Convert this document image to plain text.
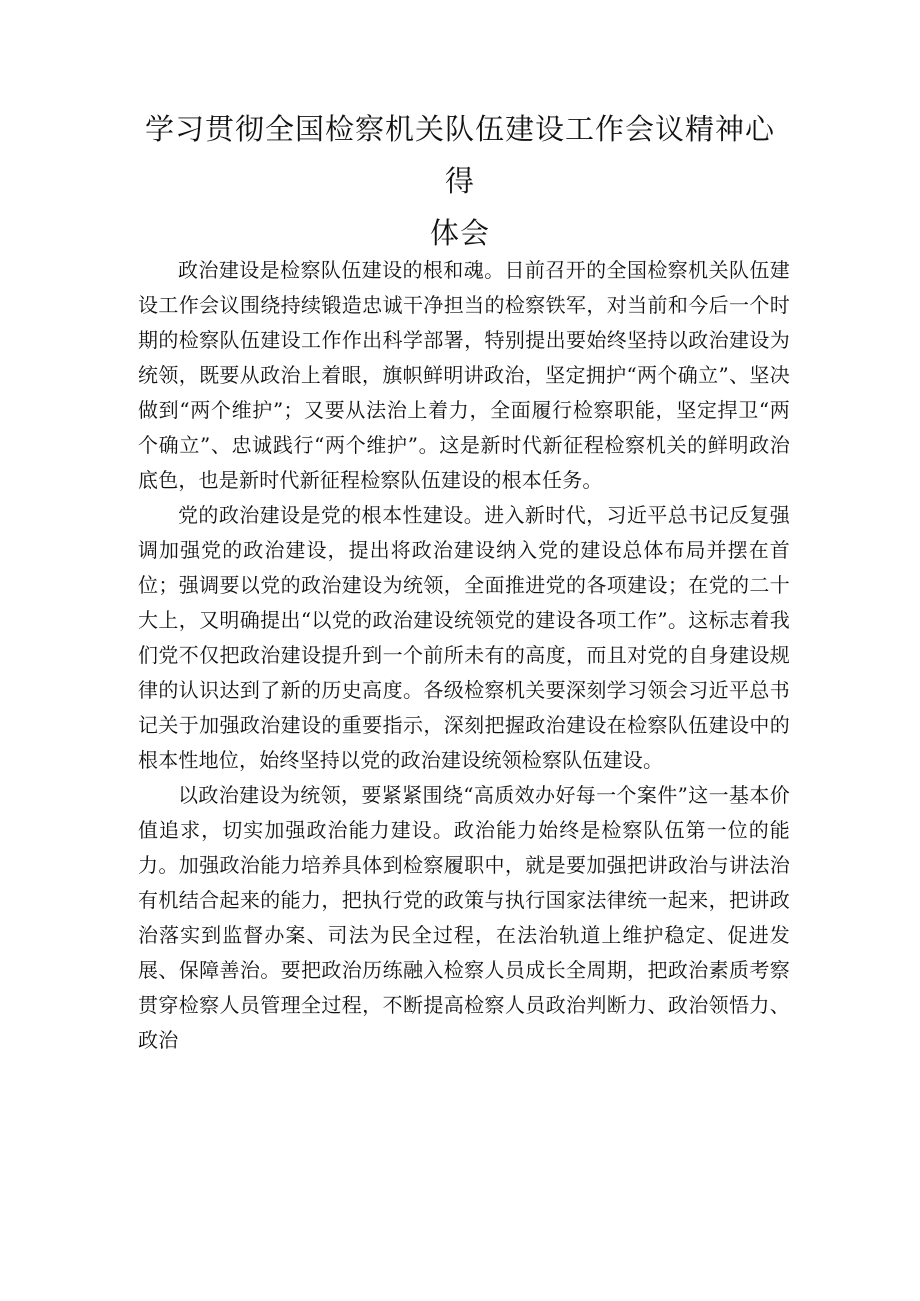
学习贯彻全国检察机关队伍建设工作会议精神心得
体会

政治建设是检察队伍建设的根和魂。日前召开的全国检察机关队伍建设工作会议围绕持续锻造忠诚干净担当的检察铁军，对当前和今后一个时期的检察队伍建设工作作出科学部署，特别提出要始终坚持以政治建设为统领，既要从政治上着眼，旗帜鲜明讲政治，坚定拥护“两个确立”、坚决做到“两个维护”；又要从法治上着力，全面履行检察职能，坚定捍卫“两个确立”、忠诚践行“两个维护”。这是新时代新征程检察机关的鲜明政治底色，也是新时代新征程检察队伍建设的根本任务。

党的政治建设是党的根本性建设。进入新时代，习近平总书记反复强调加强党的政治建设，提出将政治建设纳入党的建设总体布局并摆在首位；强调要以党的政治建设为统领，全面推进党的各项建设；在党的二十大上，又明确提出“以党的政治建设统领党的建设各项工作”。这标志着我们党不仅把政治建设提升到一个前所未有的高度，而且对党的自身建设规律的认识达到了新的历史高度。各级检察机关要深刻学习领会习近平总书记关于加强政治建设的重要指示，深刻把握政治建设在检察队伍建设中的根本性地位，始终坚持以党的政治建设统领检察队伍建设。

以政治建设为统领，要紧紧围绕“高质效办好每一个案件”这一基本价值追求，切实加强政治能力建设。政治能力始终是检察队伍第一位的能力。加强政治能力培养具体到检察履职中，就是要加强把讲政治与讲法治有机结合起来的能力，把执行党的政策与执行国家法律统一起来，把讲政治落实到监督办案、司法为民全过程，在法治轨道上维护稳定、促进发展、保障善治。要把政治历练融入检察人员成长全周期，把政治素质考察贯穿检察人员管理全过程，不断提高检察人员政治判断力、政治领悟力、政治
